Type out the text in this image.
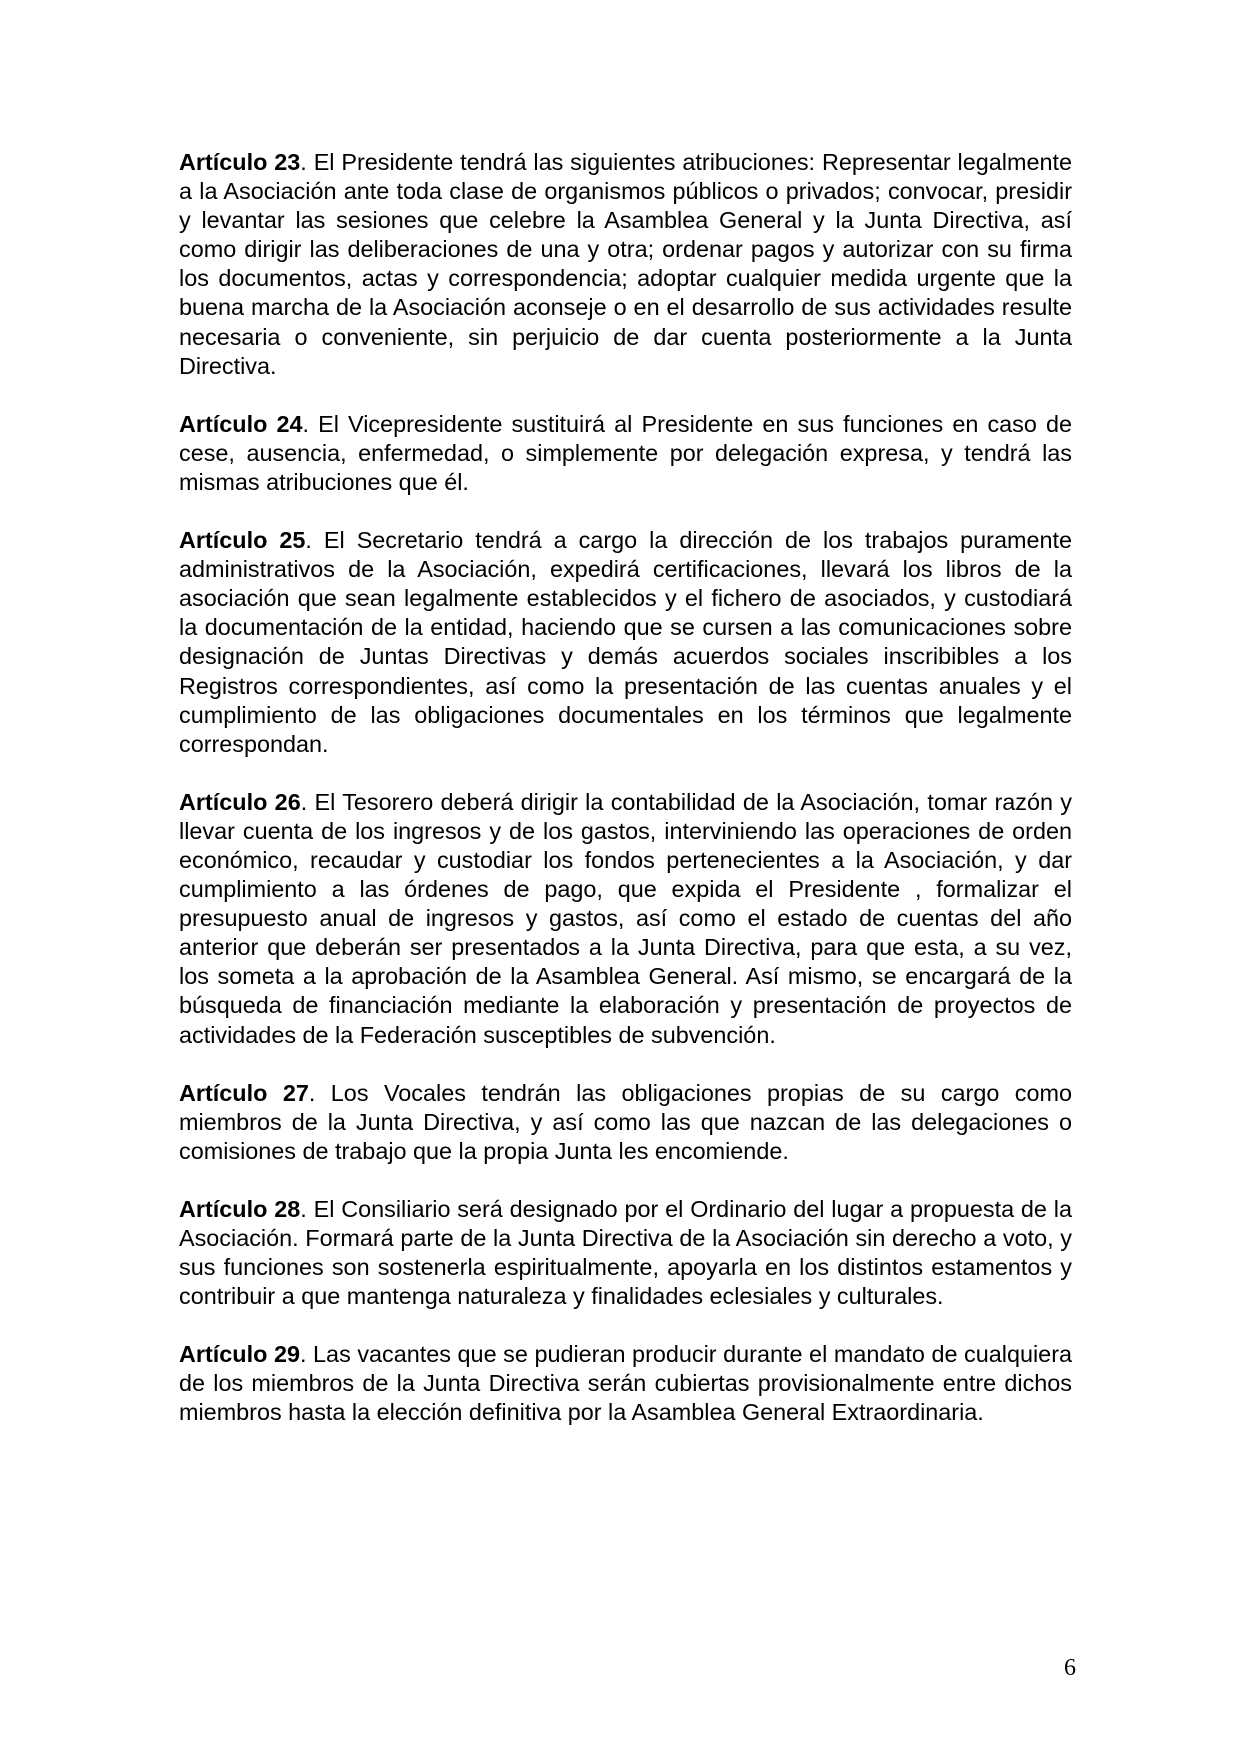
Artículo 23. El Presidente tendrá las siguientes atribuciones: Representar legalmente a la Asociación ante toda clase de organismos públicos o privados; convocar, presidir y levantar las sesiones que celebre la Asamblea General y la Junta Directiva, así como dirigir las deliberaciones de una y otra; ordenar pagos y autorizar con su firma los documentos, actas y correspondencia; adoptar cualquier medida urgente que la buena marcha de la Asociación aconseje o en el desarrollo de sus actividades resulte necesaria o conveniente, sin perjuicio de dar cuenta posteriormente a la Junta Directiva.

Artículo 24. El Vicepresidente sustituirá al Presidente en sus funciones en caso de cese, ausencia, enfermedad, o simplemente por delegación expresa, y tendrá las mismas atribuciones que él.

Artículo 25. El Secretario tendrá a cargo la dirección de los trabajos puramente administrativos de la Asociación, expedirá certificaciones, llevará los libros de la asociación que sean legalmente establecidos y el fichero de asociados, y custodiará la documentación de la entidad, haciendo que se cursen a las comunicaciones sobre designación de Juntas Directivas y demás acuerdos sociales inscribibles a los Registros correspondientes, así como la presentación de las cuentas anuales y el cumplimiento de las obligaciones documentales en los términos que legalmente correspondan.

Artículo 26. El Tesorero deberá dirigir la contabilidad de la Asociación, tomar razón y llevar cuenta de los ingresos y de los gastos, interviniendo las operaciones de orden económico, recaudar y custodiar los fondos pertenecientes a la Asociación, y dar cumplimiento a las órdenes de pago, que expida el Presidente , formalizar el presupuesto anual de ingresos y gastos, así como el estado de cuentas del año anterior que deberán ser presentados a la Junta Directiva, para que esta, a su vez, los someta a la aprobación de la Asamblea General. Así mismo, se encargará de la búsqueda de financiación mediante la elaboración y presentación de proyectos de actividades de la Federación susceptibles de subvención.

Artículo 27. Los Vocales tendrán las obligaciones propias de su cargo como miembros de la Junta Directiva, y así como las que nazcan de las delegaciones o comisiones de trabajo que la propia Junta les encomiende.

Artículo 28. El Consiliario será designado por el Ordinario del lugar a propuesta de la Asociación. Formará parte de la Junta Directiva de la Asociación sin derecho a voto, y sus funciones son sostenerla espiritualmente, apoyarla en los distintos estamentos y contribuir a que mantenga naturaleza y finalidades eclesiales y culturales.

Artículo 29. Las vacantes que se pudieran producir durante el mandato de cualquiera de los miembros de la Junta Directiva serán cubiertas provisionalmente entre dichos miembros hasta la elección definitiva por la Asamblea General Extraordinaria.

6
